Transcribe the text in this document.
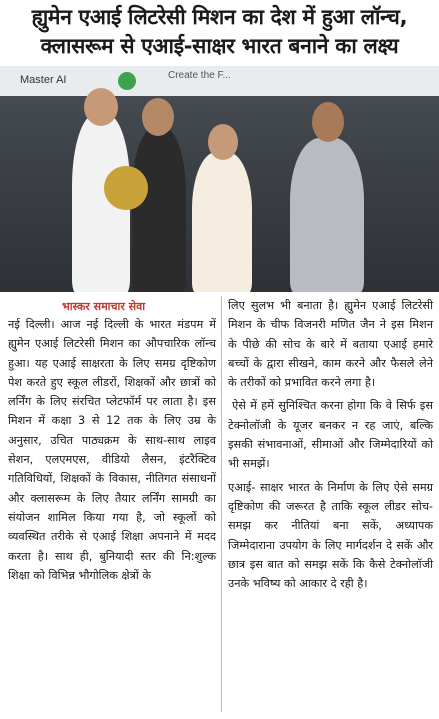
ह्युमेन एआई लिटरेसी मिशन का देश में हुआ लॉन्च,
क्लासरूम से एआई-साक्षर भारत बनाने का लक्ष्य
Master AI	Create the F...
भास्कर समाचार सेवा

नई दिल्ली। आज नई दिल्ली के भारत मंडपम में ह्युमेन एआई लिटरेसी मिशन का औपचारिक लॉन्च हुआ। यह एआई साक्षरता के लिए समग्र दृष्टिकोण पेश करते हुए स्कूल लीडरों, शिक्षकों और छात्रों को लर्निंग के लिए संरचित प्लेटफॉर्म पर लाता है। इस मिशन में कक्षा 3 से 12 तक के लिए उम्र के अनुसार, उचित पाठ्यक्रम के साथ-साथ लाइव सेशन, एलएमएस, वीडियो लैसन, इंटरैक्टिव गतिविधियों, शिक्षकों के विकास, नीतिगत संसाधनों और क्लासरूम के लिए तैयार लर्निंग सामग्री का संयोजन शामिल किया गया है, जो स्कूलों को व्यवस्थित तरीके से एआई शिक्षा अपनाने में मदद करता है। साथ ही, बुनियादी स्तर की नि:शुल्क शिक्षा को विभिन्न भौगोलिक क्षेत्रों के

लिए सुलभ भी बनाता है। ह्युमेन एआई लिटरेसी मिशन के चीफ विजनरी मणित जैन ने इस मिशन के पीछे की सोच के बारे में बताया एआई हमारे बच्चों के द्वारा सीखने, काम करने और फैसले लेने के तरीकों को प्रभावित करने लगा है।

ऐसे में हमें सुनिश्चित करना होगा कि वे सिर्फ इस टेक्नोलॉजी के यूजर बनकर न रह जाएं, बल्कि इसकी संभावनाओं, सीमाओं और जिम्मेदारियों को भी समझें।

एआई- साक्षर भारत के निर्माण के लिए ऐसे समग्र दृष्टिकोण की जरूरत है ताकि स्कूल लीडर सोच-समझ कर नीतियां बना सकें, अध्यापक जिम्मेदाराना उपयोग के लिए मार्गदर्शन दे सकें और छात्र इस बात को समझ सकें कि कैसे टेक्नोलॉजी उनके भविष्य को आकार दे रही है।
